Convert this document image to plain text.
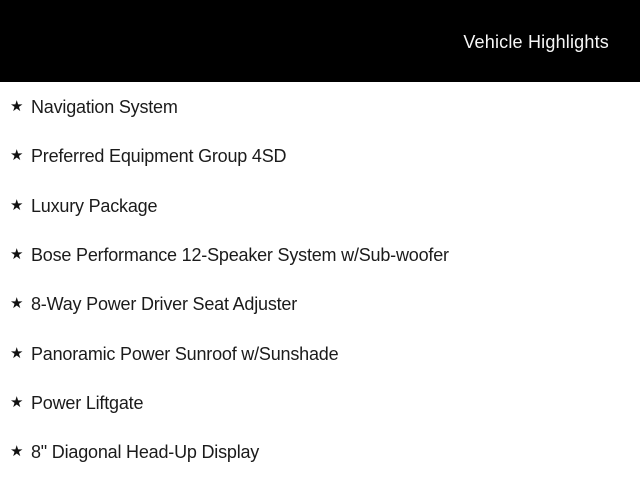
Vehicle Highlights
★ Navigation System
★ Preferred Equipment Group 4SD
★ Luxury Package
★ Bose Performance 12-Speaker System w/Sub-woofer
★ 8-Way Power Driver Seat Adjuster
★ Panoramic Power Sunroof w/Sunshade
★ Power Liftgate
★ 8" Diagonal Head-Up Display
